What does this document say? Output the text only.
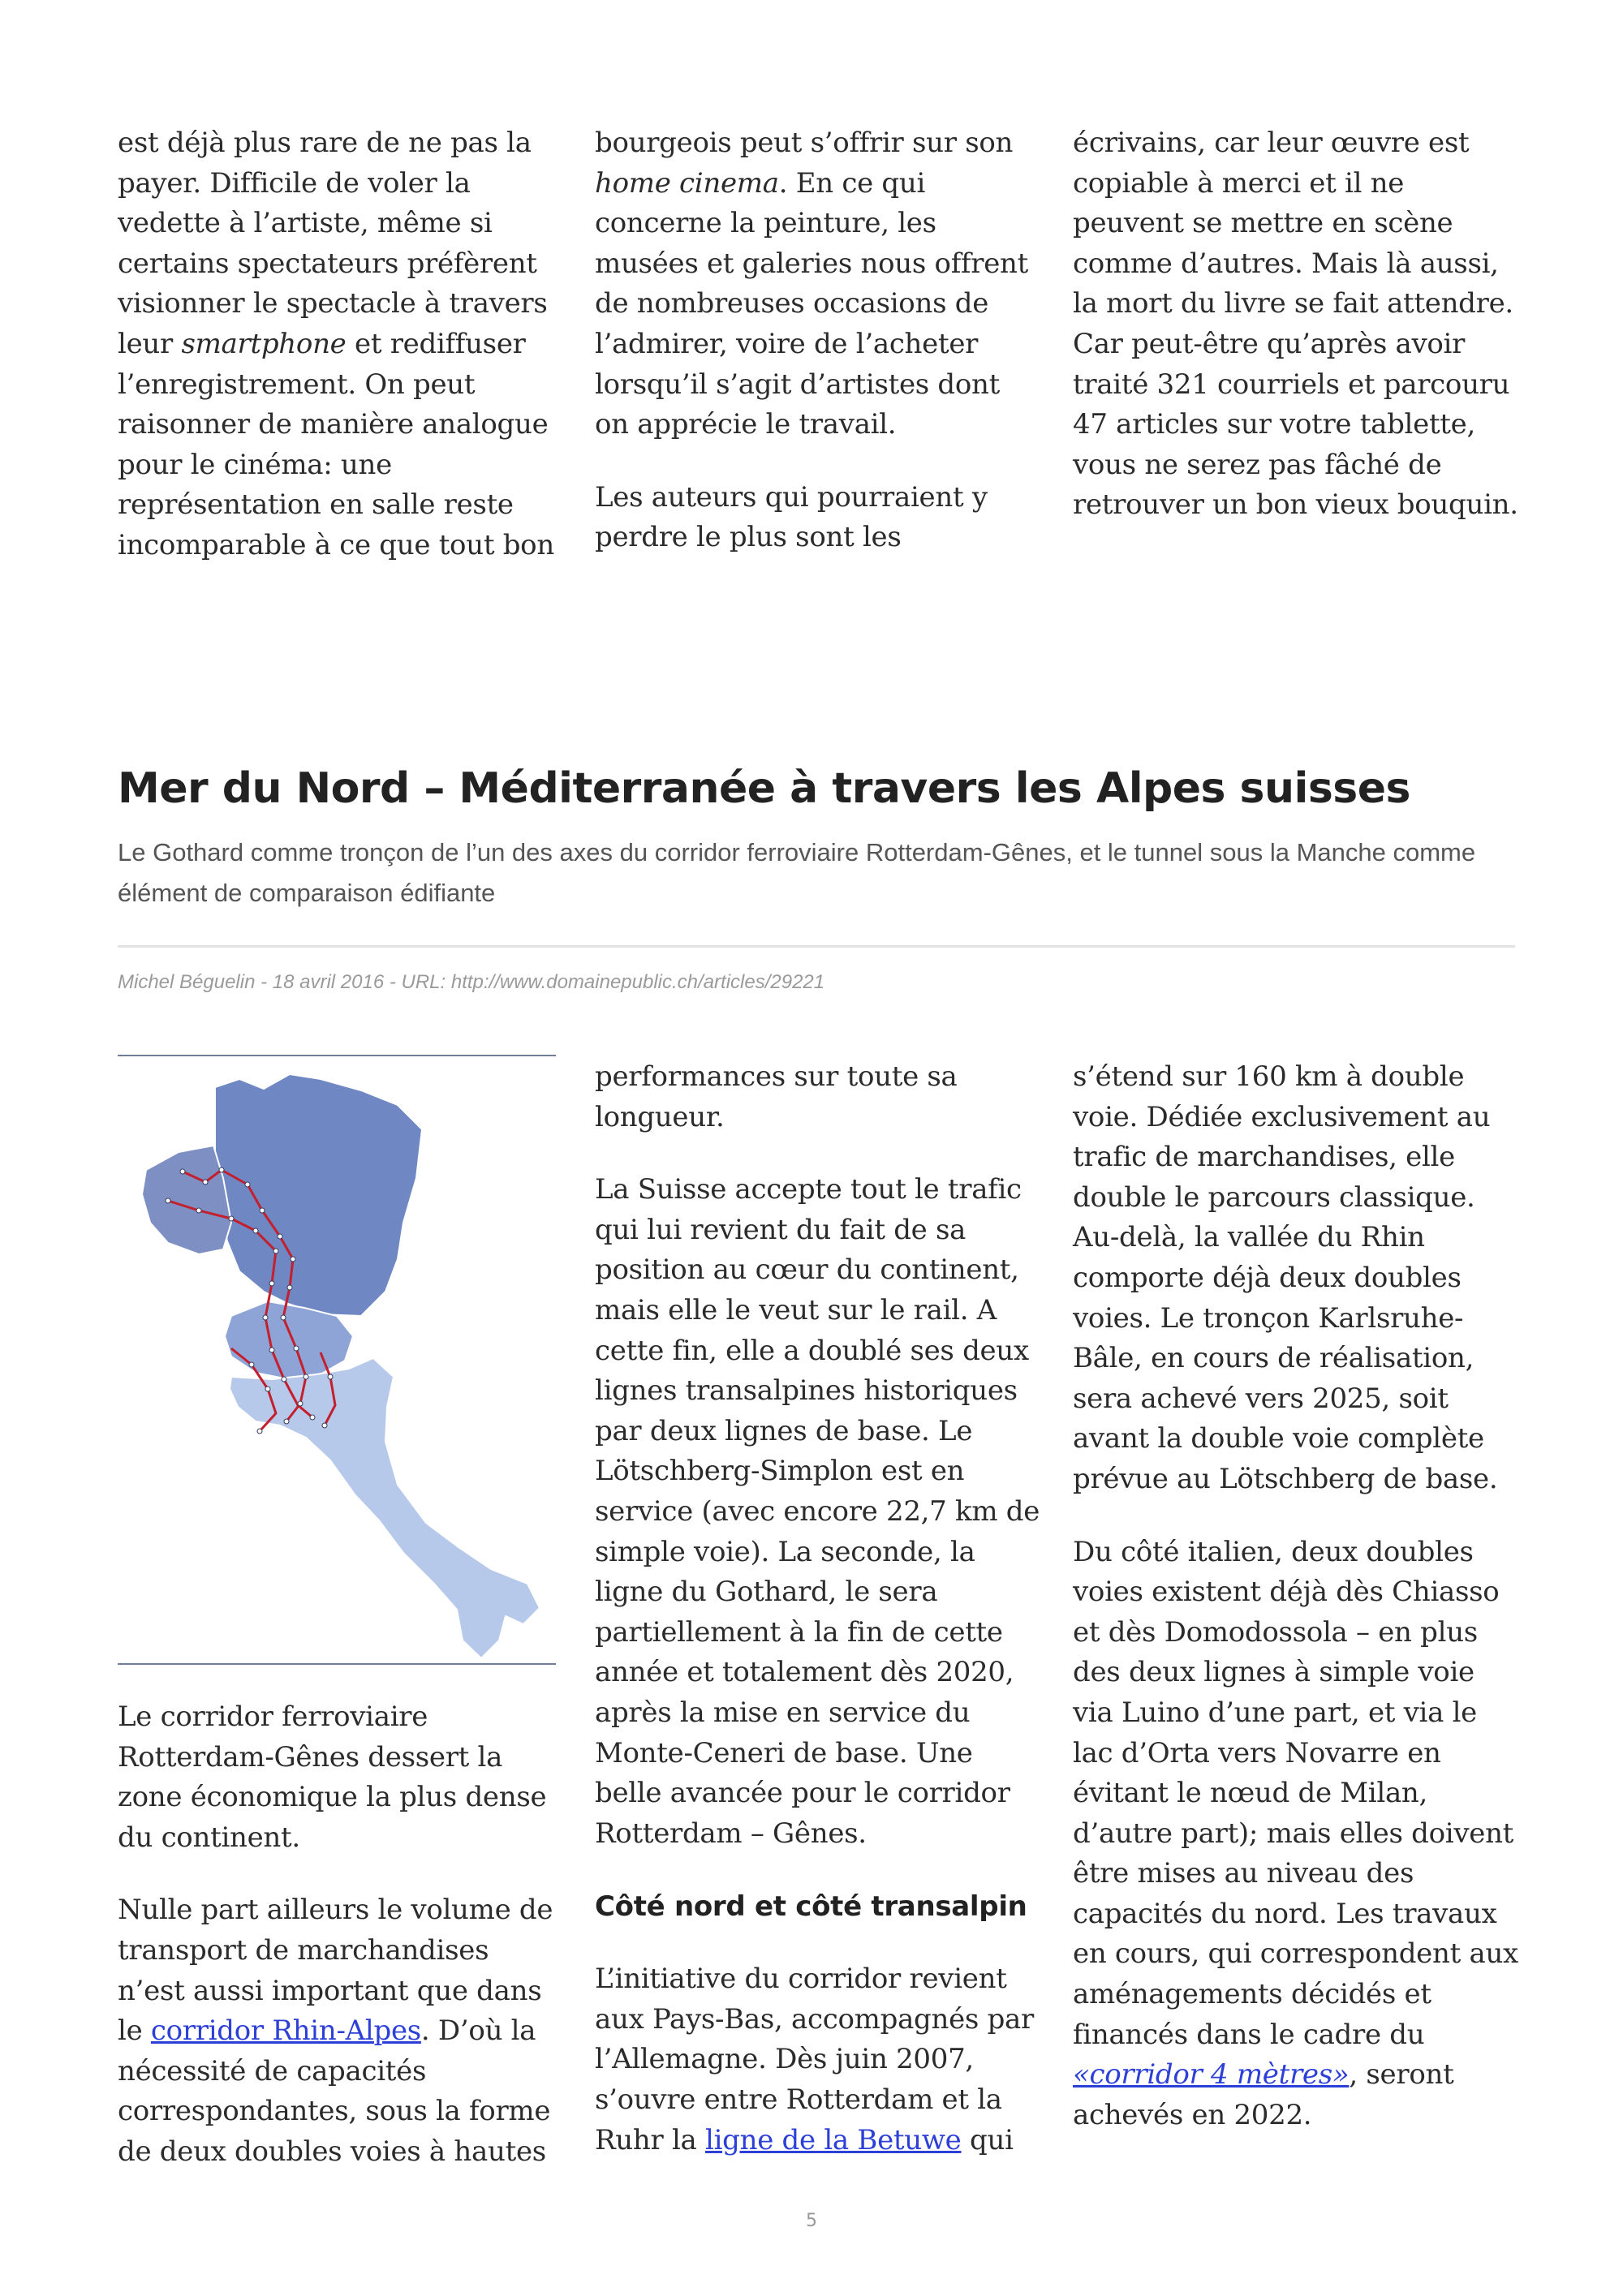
est déjà plus rare de ne pas la payer. Difficile de voler la vedette à l’artiste, même si certains spectateurs préfèrent visionner le spectacle à travers leur smartphone et rediffuser l’enregistrement. On peut raisonner de manière analogue pour le cinéma: une représentation en salle reste incomparable à ce que tout bon

bourgeois peut s’offrir sur son home cinema. En ce qui concerne la peinture, les musées et galeries nous offrent de nombreuses occasions de l’admirer, voire de l’acheter lorsqu’il s’agit d’artistes dont on apprécie le travail.

Les auteurs qui pourraient y perdre le plus sont les

écrivains, car leur œuvre est copiable à merci et il ne peuvent se mettre en scène comme d’autres. Mais là aussi, la mort du livre se fait attendre. Car peut-être qu’après avoir traité 321 courriels et parcouru 47 articles sur votre tablette, vous ne serez pas fâché de retrouver un bon vieux bouquin.

Mer du Nord – Méditerranée à travers les Alpes suisses

Le Gothard comme tronçon de l’un des axes du corridor ferroviaire Rotterdam-Gênes, et le tunnel sous la Manche comme élément de comparaison édifiante

Michel Béguelin - 18 avril 2016 - URL: http://www.domainepublic.ch/articles/29221

Le corridor ferroviaire Rotterdam-Gênes dessert la zone économique la plus dense du continent.

Nulle part ailleurs le volume de transport de marchandises n’est aussi important que dans le corridor Rhin-Alpes. D’où la nécessité de capacités correspondantes, sous la forme de deux doubles voies à hautes

performances sur toute sa longueur.

La Suisse accepte tout le trafic qui lui revient du fait de sa position au cœur du continent, mais elle le veut sur le rail. A cette fin, elle a doublé ses deux lignes transalpines historiques par deux lignes de base. Le Lötschberg-Simplon est en service (avec encore 22,7 km de simple voie). La seconde, la ligne du Gothard, le sera partiellement à la fin de cette année et totalement dès 2020, après la mise en service du Monte-Ceneri de base. Une belle avancée pour le corridor Rotterdam – Gênes.

Côté nord et côté transalpin

L’initiative du corridor revient aux Pays-Bas, accompagnés par l’Allemagne. Dès juin 2007, s’ouvre entre Rotterdam et la Ruhr la ligne de la Betuwe qui

s’étend sur 160 km à double voie. Dédiée exclusivement au trafic de marchandises, elle double le parcours classique. Au-delà, la vallée du Rhin comporte déjà deux doubles voies. Le tronçon Karlsruhe-Bâle, en cours de réalisation, sera achevé vers 2025, soit avant la double voie complète prévue au Lötschberg de base.

Du côté italien, deux doubles voies existent déjà dès Chiasso et dès Domodossola – en plus des deux lignes à simple voie via Luino d’une part, et via le lac d’Orta vers Novarre en évitant le nœud de Milan, d’autre part); mais elles doivent être mises au niveau des capacités du nord. Les travaux en cours, qui correspondent aux aménagements décidés et financés dans le cadre du «corridor 4 mètres», seront achevés en 2022.

5
